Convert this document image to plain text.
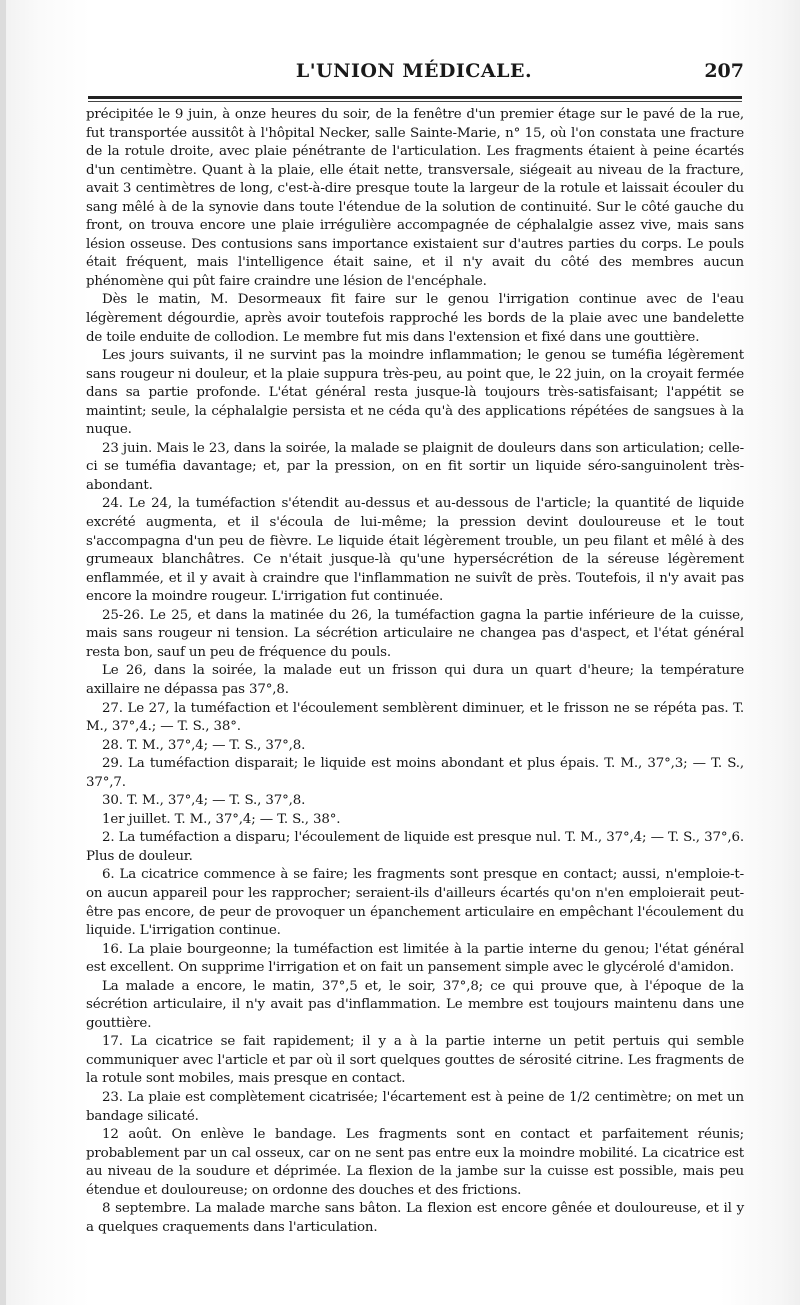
L'UNION MÉDICALE.	207

précipitée le 9 juin, à onze heures du soir, de la fenêtre d'un premier étage sur le pavé de la rue, fut transportée aussitôt à l'hôpital Necker, salle Sainte-Marie, n° 15, où l'on constata une fracture de la rotule droite, avec plaie pénétrante de l'articulation. Les fragments étaient à peine écartés d'un centimètre. Quant à la plaie, elle était nette, transversale, siégeait au niveau de la fracture, avait 3 centimètres de long, c'est-à-dire presque toute la largeur de la rotule et laissait écouler du sang mêlé à de la synovie dans toute l'étendue de la solution de continuité. Sur le côté gauche du front, on trouva encore une plaie irrégulière accompagnée de céphalalgie assez vive, mais sans lésion osseuse. Des contusions sans importance existaient sur d'autres parties du corps. Le pouls était fréquent, mais l'intelligence était saine, et il n'y avait du côté des membres aucun phénomène qui pût faire craindre une lésion de l'encéphale.

Dès le matin, M. Desormeaux fit faire sur le genou l'irrigation continue avec de l'eau légèrement dégourdie, après avoir toutefois rapproché les bords de la plaie avec une bandelette de toile enduite de collodion. Le membre fut mis dans l'extension et fixé dans une gouttière.

Les jours suivants, il ne survint pas la moindre inflammation; le genou se tuméfia légèrement sans rougeur ni douleur, et la plaie suppura très-peu, au point que, le 22 juin, on la croyait fermée dans sa partie profonde. L'état général resta jusque-là toujours très-satisfaisant; l'appétit se maintint; seule, la céphalalgie persista et ne céda qu'à des applications répétées de sangsues à la nuque.

23 juin. Mais le 23, dans la soirée, la malade se plaignit de douleurs dans son articulation; celle-ci se tuméfia davantage; et, par la pression, on en fit sortir un liquide séro-sanguinolent très-abondant.

24. Le 24, la tuméfaction s'étendit au-dessus et au-dessous de l'article; la quantité de liquide excrété augmenta, et il s'écoula de lui-même; la pression devint douloureuse et le tout s'accompagna d'un peu de fièvre. Le liquide était légèrement trouble, un peu filant et mêlé à des grumeaux blanchâtres. Ce n'était jusque-là qu'une hypersécrétion de la séreuse légèrement enflammée, et il y avait à craindre que l'inflammation ne suivît de près. Toutefois, il n'y avait pas encore la moindre rougeur. L'irrigation fut continuée.

25-26. Le 25, et dans la matinée du 26, la tuméfaction gagna la partie inférieure de la cuisse, mais sans rougeur ni tension. La sécrétion articulaire ne changea pas d'aspect, et l'état général resta bon, sauf un peu de fréquence du pouls.

Le 26, dans la soirée, la malade eut un frisson qui dura un quart d'heure; la température axillaire ne dépassa pas 37°,8.

27. Le 27, la tuméfaction et l'écoulement semblèrent diminuer, et le frisson ne se répéta pas. T. M., 37°,4.; — T. S., 38°.

28. T. M., 37°,4; — T. S., 37°,8.

29. La tuméfaction disparait; le liquide est moins abondant et plus épais. T. M., 37°,3; — T. S., 37°,7.

30. T. M., 37°,4; — T. S., 37°,8.

1er juillet. T. M., 37°,4; — T. S., 38°.

2. La tuméfaction a disparu; l'écoulement de liquide est presque nul. T. M., 37°,4; — T. S., 37°,6. Plus de douleur.

6. La cicatrice commence à se faire; les fragments sont presque en contact; aussi, n'emploie-t-on aucun appareil pour les rapprocher; seraient-ils d'ailleurs écartés qu'on n'en emploierait peut-être pas encore, de peur de provoquer un épanchement articulaire en empêchant l'écoulement du liquide. L'irrigation continue.

16. La plaie bourgeonne; la tuméfaction est limitée à la partie interne du genou; l'état général est excellent. On supprime l'irrigation et on fait un pansement simple avec le glycérolé d'amidon.

La malade a encore, le matin, 37°,5 et, le soir, 37°,8; ce qui prouve que, à l'époque de la sécrétion articulaire, il n'y avait pas d'inflammation. Le membre est toujours maintenu dans une gouttière.

17. La cicatrice se fait rapidement; il y a à la partie interne un petit pertuis qui semble communiquer avec l'article et par où il sort quelques gouttes de sérosité citrine. Les fragments de la rotule sont mobiles, mais presque en contact.

23. La plaie est complètement cicatrisée; l'écartement est à peine de 1/2 centimètre; on met un bandage silicaté.

12 août. On enlève le bandage. Les fragments sont en contact et parfaitement réunis; probablement par un cal osseux, car on ne sent pas entre eux la moindre mobilité. La cicatrice est au niveau de la soudure et déprimée. La flexion de la jambe sur la cuisse est possible, mais peu étendue et douloureuse; on ordonne des douches et des frictions.

8 septembre. La malade marche sans bâton. La flexion est encore gênée et douloureuse, et il y a quelques craquements dans l'articulation.
